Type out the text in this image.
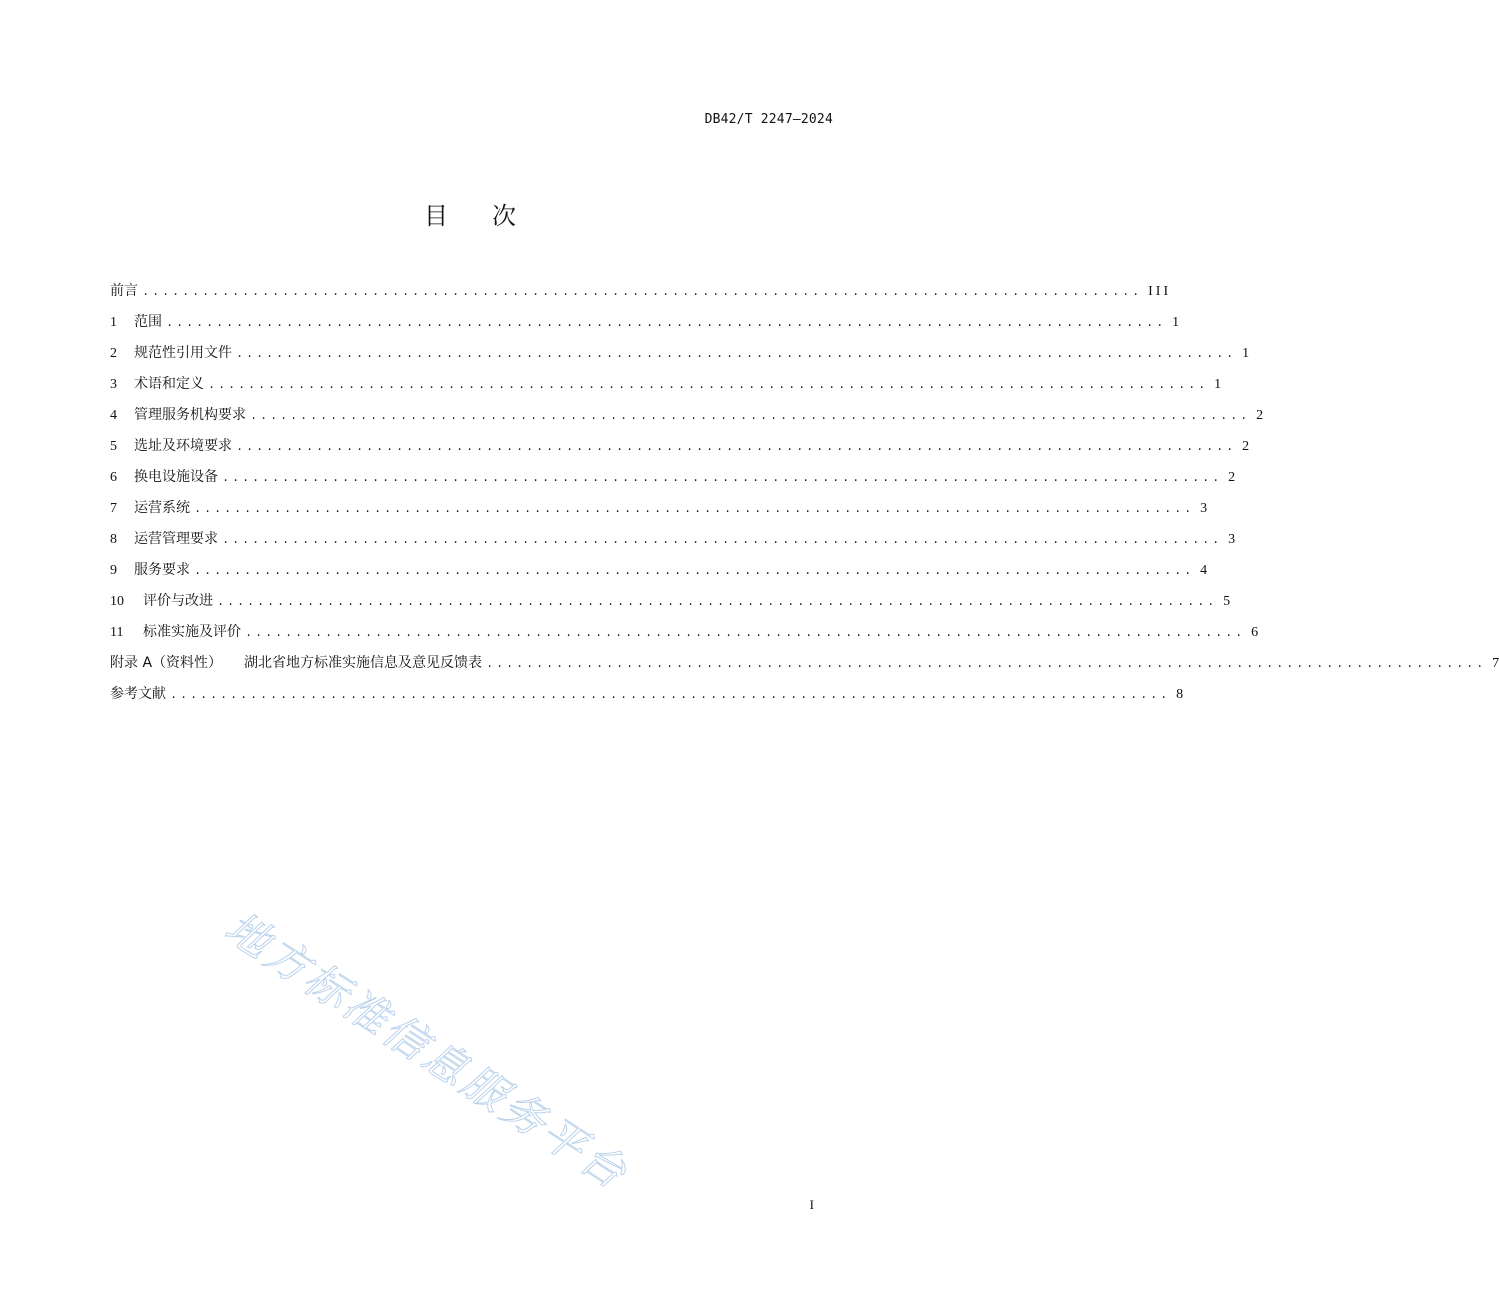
DB42/T 2247—2024
目次
前言 .................................................................................................... III
1	范围 .................................................................................................... 1
2	规范性引用文件 .................................................................................................... 1
3	术语和定义 .................................................................................................... 1
4	管理服务机构要求 .................................................................................................... 2
5	选址及环境要求 .................................................................................................... 2
6	换电设施设备 .................................................................................................... 2
7	运营系统 .................................................................................................... 3
8	运营管理要求 .................................................................................................... 3
9	服务要求 .................................................................................................... 4
10	评价与改进 .................................................................................................... 5
11	标准实施及评价 .................................................................................................... 6
附录 A（资料性） 湖北省地方标准实施信息及意见反馈表 .................................................................................................... 7
参考文献 .................................................................................................... 8
地方标准信息服务平台
I
